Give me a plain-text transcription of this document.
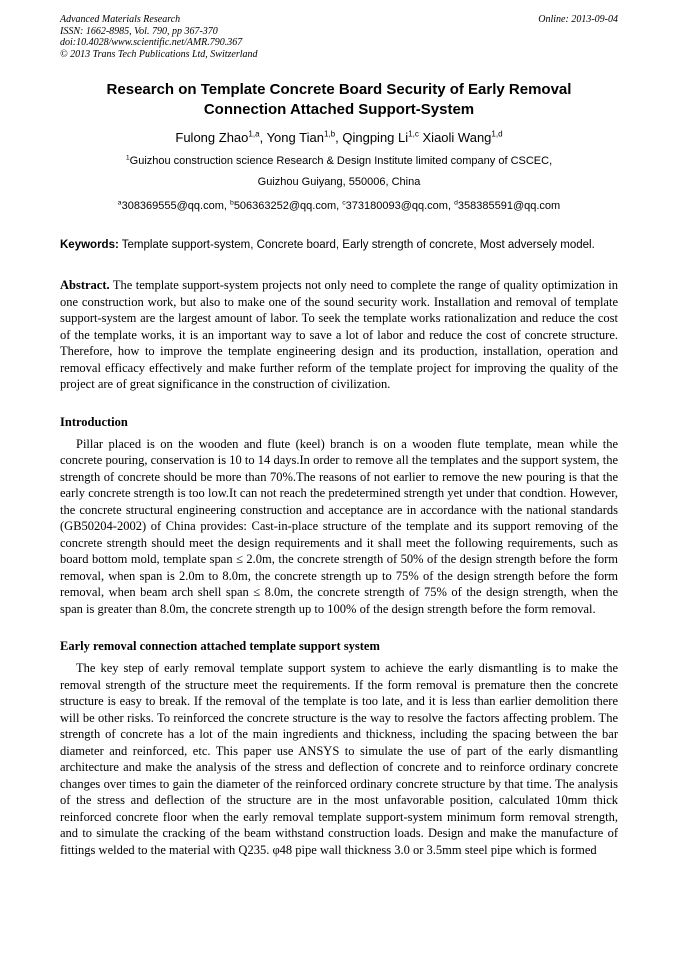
Advanced Materials Research
ISSN: 1662-8985, Vol. 790, pp 367-370
doi:10.4028/www.scientific.net/AMR.790.367
© 2013 Trans Tech Publications Ltd, Switzerland
Online: 2013-09-04
Research on Template Concrete Board Security of Early Removal Connection Attached Support-System
Fulong Zhao$^{1,a}$, Yong Tian$^{1,b}$, Qingping Li$^{1,c}$ Xiaoli Wang$^{1,d}$
$^1$Guizhou construction science Research & Design Institute limited company of CSCEC,
Guizhou Guiyang, 550006, China
$^a$308369555@qq.com, $^b$506363252@qq.com, $^c$373180093@qq.com, $^d$358385591@qq.com

Keywords: Template support-system, Concrete board, Early strength of concrete, Most adversely model.

Abstract. The template support-system projects not only need to complete the range of quality optimization in one construction work, but also to make one of the sound security work. Installation and removal of template support-system are the largest amount of labor. To seek the template works rationalization and reduce the cost of the template works, it is an important way to save a lot of labor and reduce the cost of concrete structure. Therefore, how to improve the template engineering design and its production, installation, operation and removal efficacy effectively and make further reform of the template project for improving the quality of the project are of great significance in the construction of civilization.

Introduction

Pillar placed is on the wooden and flute (keel) branch is on a wooden flute template, mean while the concrete pouring, conservation is 10 to 14 days.In order to remove all the templates and the support system, the strength of concrete should be more than 70%.The reasons of not earlier to remove the new pouring is that the early concrete strength is too low.It can not reach the predetermined strength yet under that condtion. However, the concrete structural engineering construction and acceptance are in accordance with the national standards (GB50204-2002) of China provides: Cast-in-place structure of the template and its support removing of the concrete strength should meet the design requirements and it shall meet the following requirements, such as board bottom mold, template span ≤ 2.0m, the concrete strength of 50% of the design strength before the form removal, when span is 2.0m to 8.0m, the concrete strength up to 75% of the design strength before the form removal, when beam arch shell span ≤ 8.0m, the concrete strength of 75% of the design strength, when the span is greater than 8.0m, the concrete strength up to 100% of the design strength before the form removal.

Early removal connection attached template support system

The key step of early removal template support system to achieve the early dismantling is to make the removal strength of the structure meet the requirements. If the form removal is premature then the concrete structure is easy to break. If the removal of the template is too late, and it is less than earlier demolition there will be other risks. To reinforced the concrete structure is the way to resolve the factors affecting problem. The strength of concrete has a lot of the main ingredients and thickness, including the spacing between the bar diameter and reinforced, etc. This paper use ANSYS to simulate the use of part of the early dismantling architecture and make the analysis of the stress and deflection of concrete and to reinforce ordinary concrete changes over times to gain the diameter of the reinforced ordinary concrete structure by that time. The analysis of the stress and deflection of the structure are in the most unfavorable position, calculated 10mm thick reinforced concrete floor when the early removal template support-system minimum form removal strength, and to simulate the cracking of the beam withstand construction loads. Design and make the manufacture of fittings welded to the material with Q235. φ48 pipe wall thickness 3.0 or 3.5mm steel pipe which is formed
